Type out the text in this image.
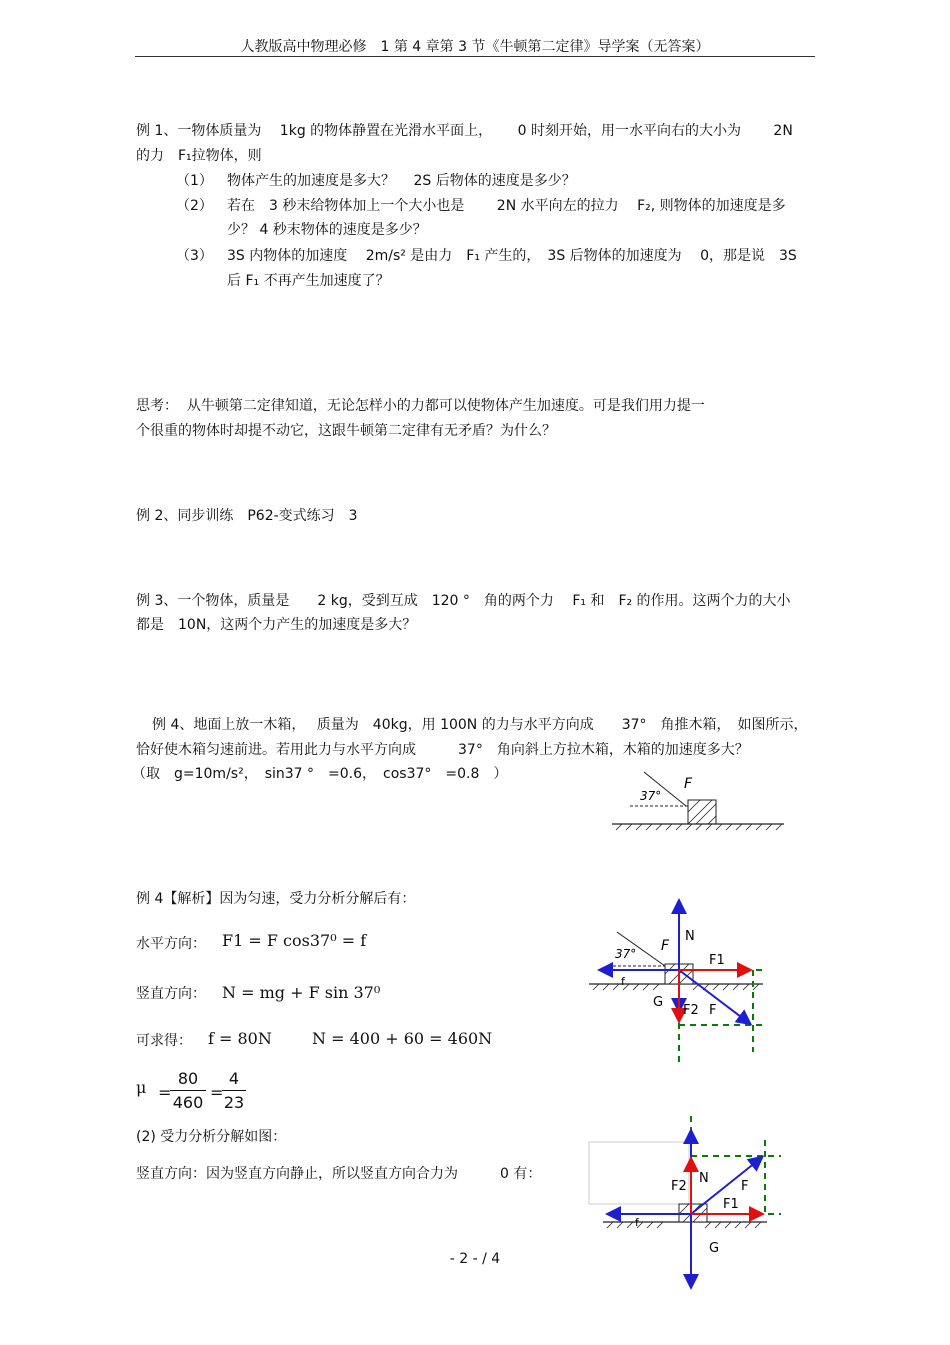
人教版高中物理必修　1 第 4 章第 3 节《牛顿第二定律》导学案（无答案）
例 1、一物体质量为　 1kg 的物体静置在光滑水平面上，　　 0 时刻开始，用一水平向右的大小为　　 2N
的力　F₁拉物体，则
（1） 物体产生的加速度是多大？　 2S 后物体的速度是多少？
（2） 若在　3 秒末给物体加上一个大小也是　　 2N 水平向左的拉力　 F₂, 则物体的加速度是多
少？ 4 秒末物体的速度是多少？
（3） 3S 内物体的加速度　 2m/s² 是由力　F₁ 产生的，　3S 后物体的加速度为　 0，那是说　3S
后 F₁ 不再产生加速度了？
思考：  从牛顿第二定律知道，无论怎样小的力都可以使物体产生加速度。可是我们用力提一
个很重的物体时却提不动它，这跟牛顿第二定律有无矛盾？为什么？
例 2、同步训练　P62-变式练习　3
例 3、一个物体，质量是　　2 kg，受到互成　120 °　角的两个力　 F₁ 和　F₂ 的作用。这两个力的大小
都是　10N，这两个力产生的加速度是多大？
例 4、地面上放一木箱，　 质量为　40kg，用 100N 的力与水平方向成　　37°　角推木箱，　如图所示，
恰好使木箱匀速前进。若用此力与水平方向成　　　37°　角向斜上方拉木箱，木箱的加速度多大？
（取　g=10m/s²，　sin37 °　=0.6，　cos37°　=0.8　）
37°
F
例 4【解析】因为匀速，受力分析分解后有：
水平方向： F1 = F cos37⁰ = f
竖直方向： N = mg + F sin 37⁰
可求得： f = 80N	N = 400 + 60 = 460N
μ =
80
460
=
4
23
(2) 受力分析分解如图：
竖直方向：因为竖直方向静止，所以竖直方向合力为　　　0 有：
37° F
N
F1
f
G
F2 F
N
F2	F
F1
f
G
- 2 - / 4
